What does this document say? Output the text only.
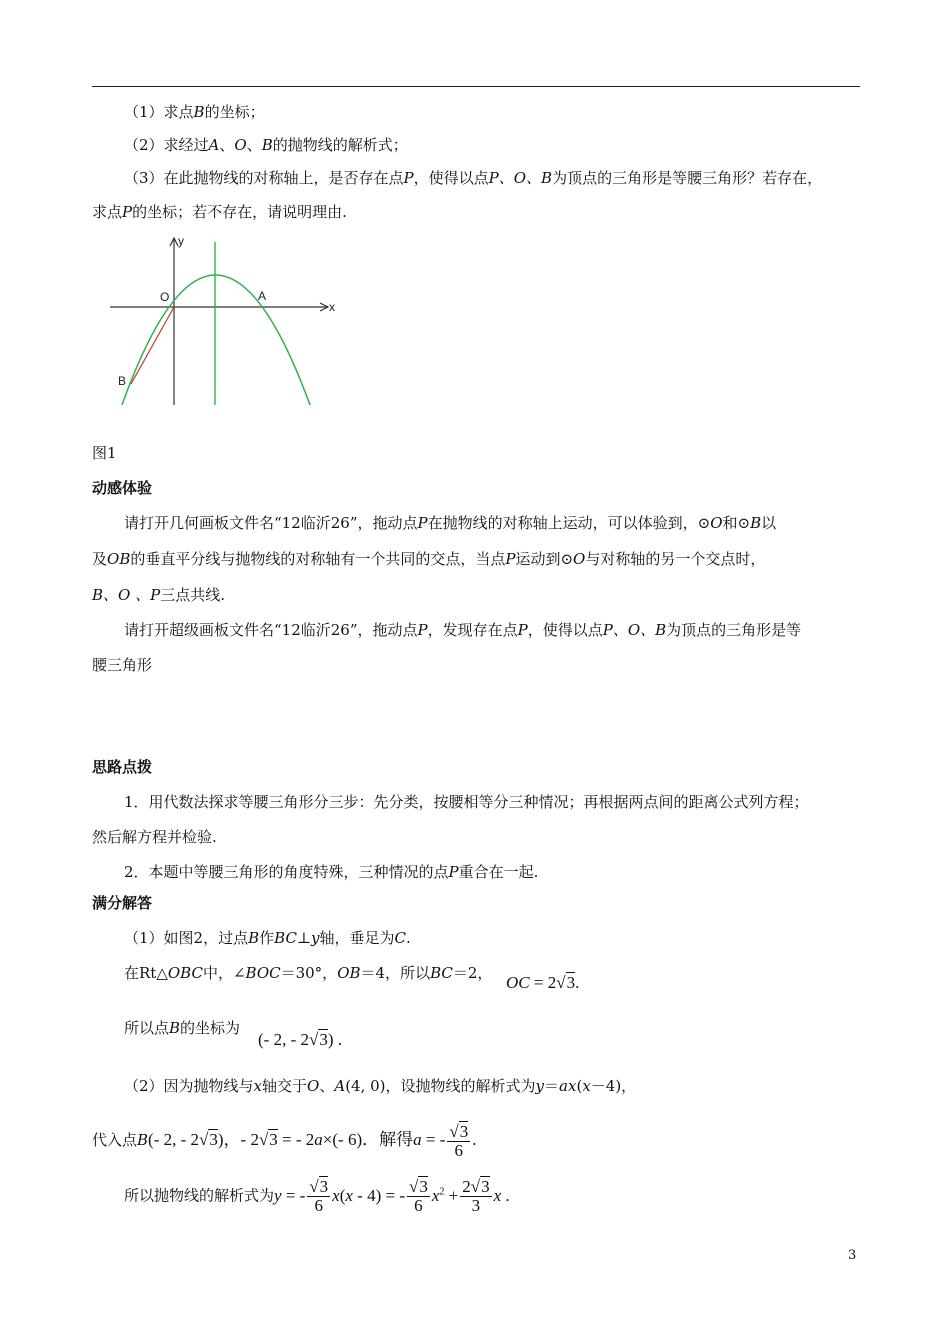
（1）求点B的坐标；
（2）求经过A、O、B的抛物线的解析式；
（3）在此抛物线的对称轴上，是否存在点P，使得以点P、O、B为顶点的三角形是等腰三角形？若存在，
求点P的坐标；若不存在，请说明理由.
y
x
O	A
B
图1
动感体验
请打开几何画板文件名“12临沂26”，拖动点P在抛物线的对称轴上运动，可以体验到，⊙O和⊙B以
及OB的垂直平分线与抛物线的对称轴有一个共同的交点，当点P运动到⊙O与对称轴的另一个交点时，
B、O 、P三点共线.
请打开超级画板文件名“12临沂26”，拖动点P，发现存在点P，使得以点P、O、B为顶点的三角形是等
腰三角形
思路点拨
1．用代数法探求等腰三角形分三步：先分类，按腰相等分三种情况；再根据两点间的距离公式列方程；
然后解方程并检验.
2．本题中等腰三角形的角度特殊，三种情况的点P重合在一起.
满分解答
（1）如图2，过点B作BC⊥y轴，垂足为C.
在Rt△OBC中，∠BOC＝30°，OB＝4，所以BC＝2， OC = 2√3.
所以点B的坐标为
(- 2, - 2√3) .
（2）因为抛物线与x轴交于O、A(4, 0)，设抛物线的解析式为y＝ax(x－4)，
代入点B(- 2, - 2√3)，- 2√3 = - 2a×(- 6)．解得a = - $\frac{√3}{6}$ .
所以抛物线的解析式为y = - $\frac{√3}{6} x(x - 4)$ = - $\frac{√3}{6} x^2 + \frac{2√3}{3}$ x .
3
